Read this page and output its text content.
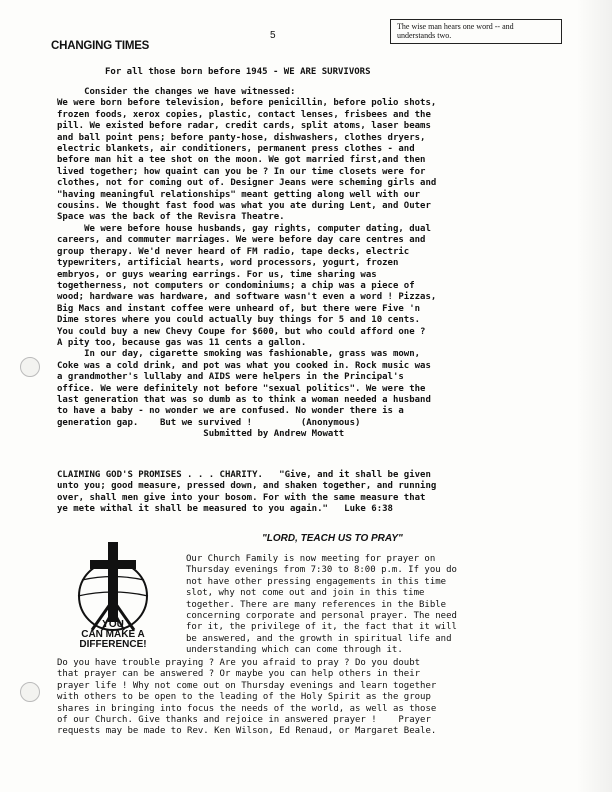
CHANGING TIMES
5
The wise man hears one word -- and
understands two.
For all those born before 1945 - WE ARE SURVIVORS
Consider the changes we have witnessed:
We were born before television, before penicillin, before polio shots,
frozen foods, xerox copies, plastic, contact lenses, frisbees and the
pill. We existed before radar, credit cards, split atoms, laser beams
and ball point pens; before panty-hose, dishwashers, clothes dryers,
electric blankets, air conditioners, permanent press clothes - and
before man hit a tee shot on the moon. We got married first,and then
lived together; how quaint can you be ? In our time closets were for
clothes, not for coming out of. Designer Jeans were scheming girls and
"having meaningful relationships" meant getting along well with our
cousins. We thought fast food was what you ate during Lent, and Outer
Space was the back of the Revisra Theatre.
We were before house husbands, gay rights, computer dating, dual
careers, and commuter marriages. We were before day care centres and
group therapy. We'd never heard of FM radio, tape decks, electric
typewriters, artificial hearts, word processors, yogurt, frozen
embryos, or guys wearing earrings. For us, time sharing was
togetherness, not computers or condominiums; a chip was a piece of
wood; hardware was hardware, and software wasn't even a word ! Pizzas,
Big Macs and instant coffee were unheard of, but there were Five 'n
Dime stores where you could actually buy things for 5 and 10 cents.
You could buy a new Chevy Coupe for $600, but who could afford one ?
A pity too, because gas was 11 cents a gallon.
In our day, cigarette smoking was fashionable, grass was mown,
Coke was a cold drink, and pot was what you cooked in. Rock music was
a grandmother's lullaby and AIDS were helpers in the Principal's
office. We were definitely not before "sexual politics". We were the
last generation that was so dumb as to think a woman needed a husband
to have a baby - no wonder we are confused. No wonder there is a
generation gap.    But we survived !         (Anonymous)
Submitted by Andrew Mowatt
CLAIMING GOD'S PROMISES . . . CHARITY.   "Give, and it shall be given
unto you; good measure, pressed down, and shaken together, and running
over, shall men give into your bosom. For with the same measure that
ye mete withal it shall be measured to you again."   Luke 6:38
"LORD, TEACH US TO PRAY"
YOU
CAN MAKE A
DIFFERENCE!
Our Church Family is now meeting for prayer on
Thursday evenings from 7:30 to 8:00 p.m. If you do
not have other pressing engagements in this time
slot, why not come out and join in this time
together. There are many references in the Bible
concerning corporate and personal prayer. The need
for it, the privilege of it, the fact that it will
be answered, and the growth in spiritual life and
understanding which can come through it.
Do you have trouble praying ? Are you afraid to pray ? Do you doubt
that prayer can be answered ? Or maybe you can help others in their
prayer life ! Why not come out on Thursday evenings and learn together
with others to be open to the leading of the Holy Spirit as the group
shares in bringing into focus the needs of the world, as well as those
of our Church. Give thanks and rejoice in answered prayer !    Prayer
requests may be made to Rev. Ken Wilson, Ed Renaud, or Margaret Beale.
